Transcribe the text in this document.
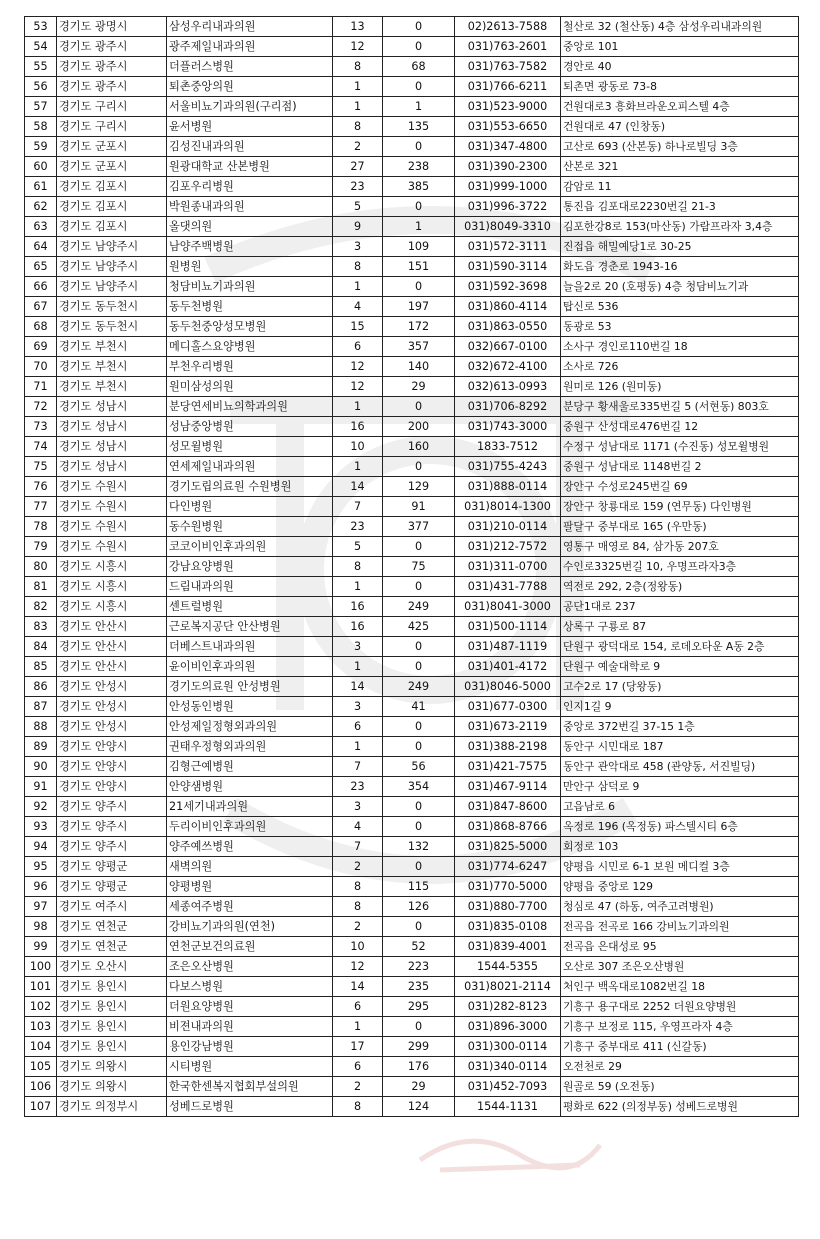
53	경기도 광명시	삼성우리내과의원	13	0	02)2613-7588	철산로 32 (철산동) 4층 삼성우리내과의원
54	경기도 광주시	광주제일내과의원	12	0	031)763-2601	중앙로 101
55	경기도 광주시	더플러스병원	8	68	031)763-7582	경안로 40
56	경기도 광주시	퇴촌중앙의원	1	0	031)766-6211	퇴촌면 광동로 73-8
57	경기도 구리시	서울비뇨기과의원(구리점)	1	1	031)523-9000	건원대로3 흥화브라운오피스텔 4층
58	경기도 구리시	윤서병원	8	135	031)553-6650	건원대로 47 (인창동)
59	경기도 군포시	김성진내과의원	2	0	031)347-4800	고산로 693 (산본동) 하나로빌딩 3층
60	경기도 군포시	원광대학교 산본병원	27	238	031)390-2300	산본로 321
61	경기도 김포시	김포우리병원	23	385	031)999-1000	감암로 11
62	경기도 김포시	박원종내과의원	5	0	031)996-3722	통진읍 김포대로2230번길 21-3
63	경기도 김포시	올댓의원	9	1	031)8049-3310	김포한강8로 153(마산동) 가람프라자 3,4층
64	경기도 남양주시	남양주백병원	3	109	031)572-3111	진접읍 해밀예당1로 30-25
65	경기도 남양주시	원병원	8	151	031)590-3114	화도읍 경춘로 1943-16
66	경기도 남양주시	청담비뇨기과의원	1	0	031)592-3698	늘을2로 20 (호평동) 4층 청담비뇨기과
67	경기도 동두천시	동두천병원	4	197	031)860-4114	탑신로 536
68	경기도 동두천시	동두천중앙성모병원	15	172	031)863-0550	동광로 53
69	경기도 부천시	메디홀스요양병원	6	357	032)667-0100	소사구 경인로110번길 18
70	경기도 부천시	부천우리병원	12	140	032)672-4100	소사로 726
71	경기도 부천시	원미삼성의원	12	29	032)613-0993	원미로 126 (원미동)
72	경기도 성남시	분당연세비뇨의학과의원	1	0	031)706-8292	분당구 황새울로335번길 5 (서현동) 803호
73	경기도 성남시	성남중앙병원	16	200	031)743-3000	중원구 산성대로476번길 12
74	경기도 성남시	성모윌병원	10	160	1833-7512	수정구 성남대로 1171 (수진동) 성모윌병원
75	경기도 성남시	연세제일내과의원	1	0	031)755-4243	중원구 성남대로 1148번길 2
76	경기도 수원시	경기도립의료원 수원병원	14	129	031)888-0114	장안구 수성로245번길 69
77	경기도 수원시	다인병원	7	91	031)8014-1300	장안구 창룡대로 159 (연무동) 다인병원
78	경기도 수원시	동수원병원	23	377	031)210-0114	팔달구 중부대로 165 (우만동)
79	경기도 수원시	코코이비인후과의원	5	0	031)212-7572	영통구 매영로 84, 삼가동 207호
80	경기도 시흥시	강남요양병원	8	75	031)311-0700	수인로3325번길 10, 우명프라자3층
81	경기도 시흥시	드림내과의원	1	0	031)431-7788	역전로 292, 2층(정왕동)
82	경기도 시흥시	센트럴병원	16	249	031)8041-3000	공단1대로 237
83	경기도 안산시	근로복지공단 안산병원	16	425	031)500-1114	상록구 구룡로 87
84	경기도 안산시	더베스트내과의원	3	0	031)487-1119	단원구 광덕대로 154, 로데오타운 A동 2층
85	경기도 안산시	윤이비인후과의원	1	0	031)401-4172	단원구 예술대학로 9
86	경기도 안성시	경기도의료원 안성병원	14	249	031)8046-5000	고수2로 17 (당왕동)
87	경기도 안성시	안성동인병원	3	41	031)677-0300	인지1길 9
88	경기도 안성시	안성제일정형외과의원	6	0	031)673-2119	중앙로 372번길 37-15 1층
89	경기도 안양시	권태우정형외과의원	1	0	031)388-2198	동안구 시민대로 187
90	경기도 안양시	김형근예병원	7	56	031)421-7575	동안구 관악대로 458 (관양동, 서진빌딩)
91	경기도 안양시	안양샘병원	23	354	031)467-9114	만안구 삼덕로 9
92	경기도 양주시	21세기내과의원	3	0	031)847-8600	고읍남로 6
93	경기도 양주시	두리이비인후과의원	4	0	031)868-8766	옥정로 196 (옥정동) 파스텔시티 6층
94	경기도 양주시	양주예쓰병원	7	132	031)825-5000	회정로 103
95	경기도 양평군	새벽의원	2	0	031)774-6247	양평읍 시민로 6-1 보원 메디컬 3층
96	경기도 양평군	양평병원	8	115	031)770-5000	양평읍 중앙로 129
97	경기도 여주시	세종여주병원	8	126	031)880-7700	청심로 47 (하동, 여주고려병원)
98	경기도 연천군	강비뇨기과의원(연천)	2	0	031)835-0108	전곡읍 전곡로 166 강비뇨기과의원
99	경기도 연천군	연천군보건의료원	10	52	031)839-4001	전곡읍 은대성로 95
100	경기도 오산시	조은오산병원	12	223	1544-5355	오산로 307 조은오산병원
101	경기도 용인시	다보스병원	14	235	031)8021-2114	처인구 백옥대로1082번길 18
102	경기도 용인시	더원요양병원	6	295	031)282-8123	기흥구 용구대로 2252 더원요양병원
103	경기도 용인시	비젼내과의원	1	0	031)896-3000	기흥구 보정로 115, 우영프라자 4층
104	경기도 용인시	용인강남병원	17	299	031)300-0114	기흥구 중부대로 411 (신갈동)
105	경기도 의왕시	시티병원	6	176	031)340-0114	오전천로 29
106	경기도 의왕시	한국한센복지협회부설의원	2	29	031)452-7093	원골로 59 (오전동)
107	경기도 의정부시	성베드로병원	8	124	1544-1131	평화로 622 (의정부동) 성베드로병원
